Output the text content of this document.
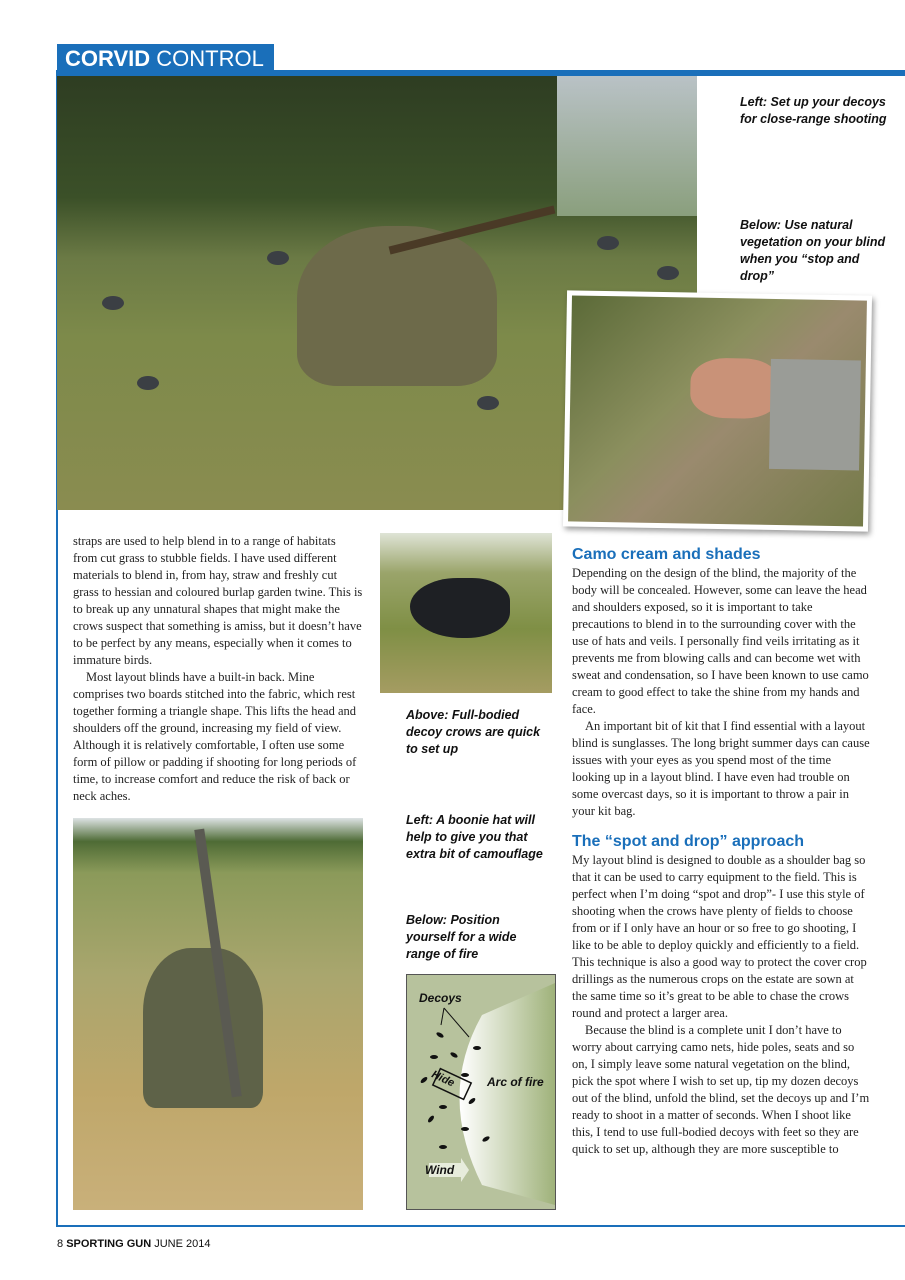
CORVID CONTROL
Left: Set up your decoys for close-range shooting
Below: Use natural vegetation on your blind when you “stop and drop”

straps are used to help blend in to a range of habitats from cut grass to stubble fields. I have used different materials to blend in, from hay, straw and freshly cut grass to hessian and coloured burlap garden twine. This is to break up any unnatural shapes that might make the crows suspect that something is amiss, but it doesn’t have to be perfect by any means, especially when it comes to immature birds.

Most layout blinds have a built-in back. Mine comprises two boards stitched into the fabric, which rest together forming a triangle shape. This lifts the head and shoulders off the ground, increasing my field of view. Although it is relatively comfortable, I often use some form of pillow or padding if shooting for long periods of time, to increase comfort and reduce the risk of back or neck aches.

Above: Full-bodied decoy crows are quick to set up
Left: A boonie hat will help to give you that extra bit of camouflage
Below: Position yourself for a wide range of fire
Decoys
Hide	Arc of fire
Wind
Camo cream and shades

Depending on the design of the blind, the majority of the body will be concealed. However, some can leave the head and shoulders exposed, so it is important to take precautions to blend in to the surrounding cover with the use of hats and veils. I personally find veils irritating as it prevents me from blowing calls and can become wet with sweat and condensation, so I have been known to use camo cream to good effect to take the shine from my hands and face.

An important bit of kit that I find essential with a layout blind is sunglasses. The long bright summer days can cause issues with your eyes as you spend most of the time looking up in a layout blind. I have even had trouble on some overcast days, so it is important to throw a pair in your kit bag.

The “spot and drop” approach

My layout blind is designed to double as a shoulder bag so that it can be used to carry equipment to the field. This is perfect when I’m doing “spot and drop”- I use this style of shooting when the crows have plenty of fields to choose from or if I only have an hour or so free to go shooting, I like to be able to deploy quickly and efficiently to a field. This technique is also a good way to protect the cover crop drillings as the numerous crops on the estate are sown at the same time so it’s great to be able to chase the crows round and protect a larger area.

Because the blind is a complete unit I don’t have to worry about carrying camo nets, hide poles, seats and so on, I simply leave some natural vegetation on the blind, pick the spot where I wish to set up, tip my dozen decoys out of the blind, unfold the blind, set the decoys up and I’m ready to shoot in a matter of seconds. When I shoot like this, I tend to use full-bodied decoys with feet so they are quick to set up, although they are more susceptible to

8 SPORTING GUN JUNE 2014
